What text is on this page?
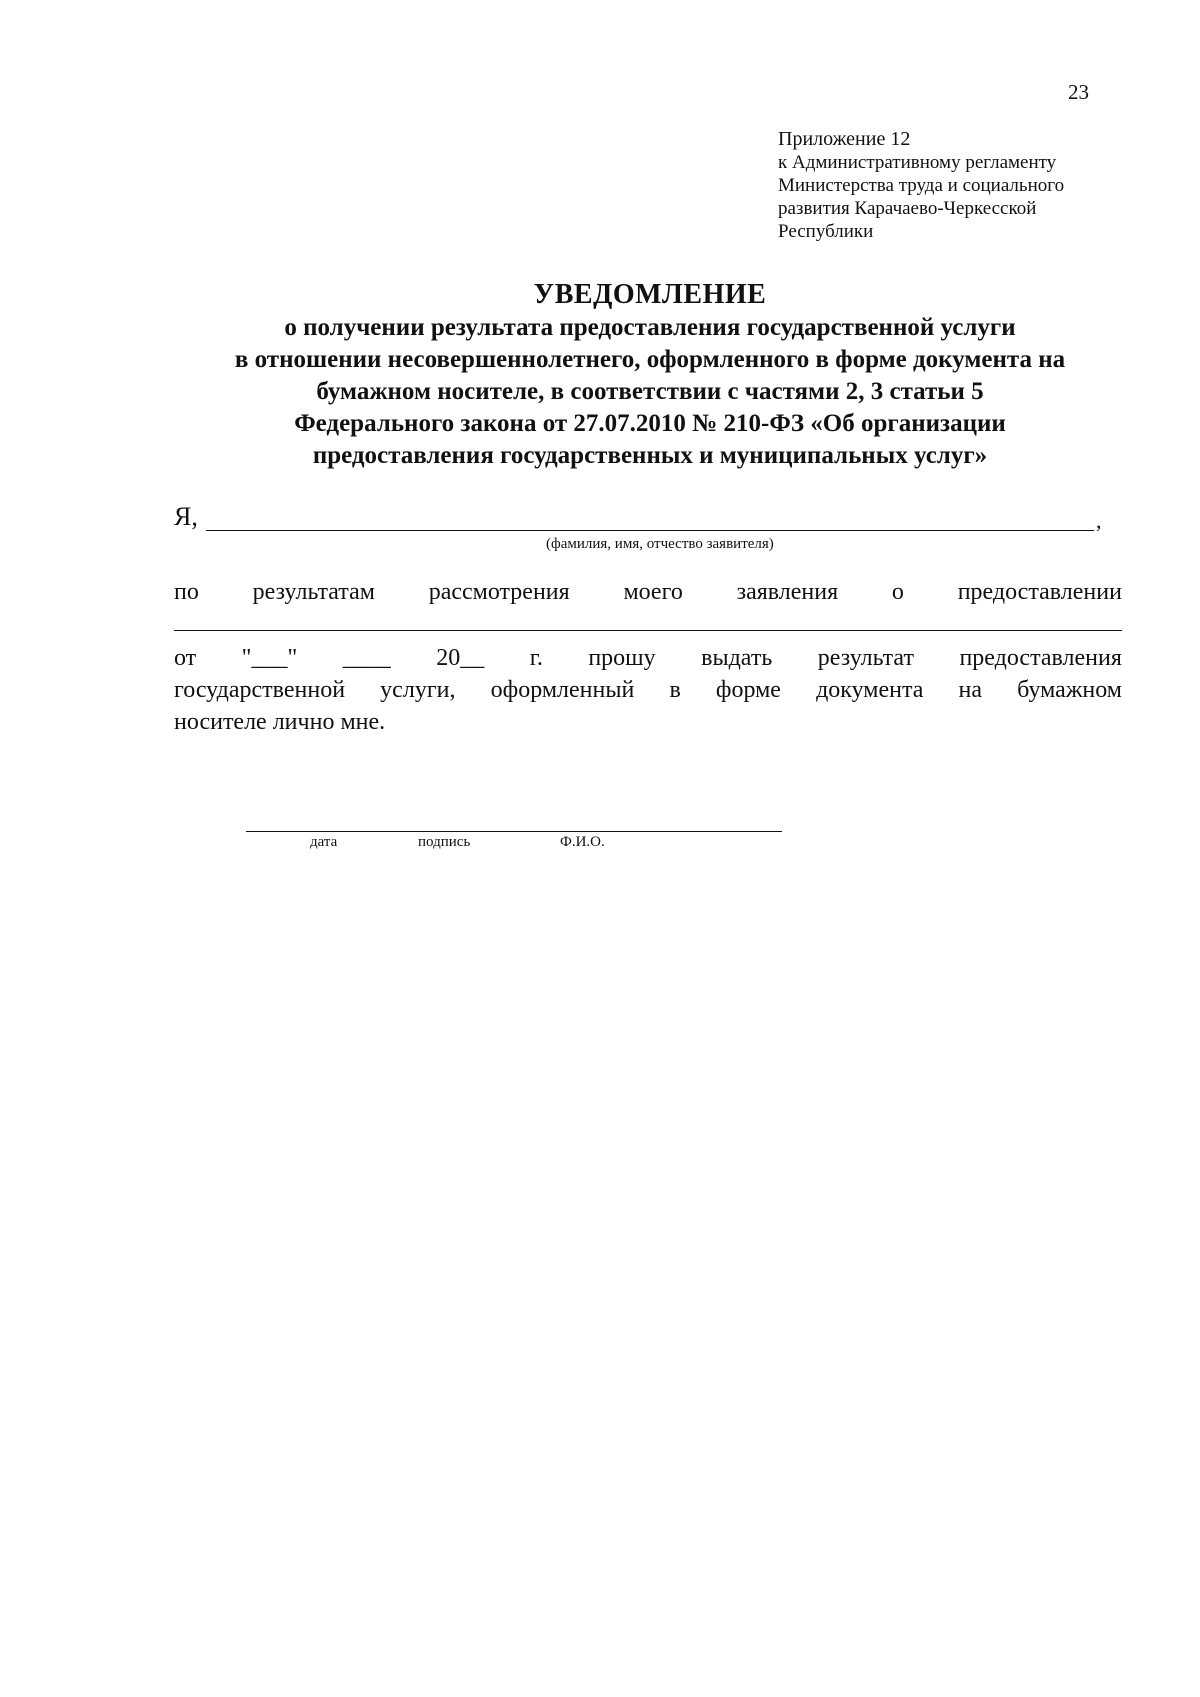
23
Приложение 12
к Административному регламенту
Министерства труда и социального
развития Карачаево-Черкесской
Республики
УВЕДОМЛЕНИЕ
о получении результата предоставления государственной услуги
в отношении несовершеннолетнего, оформленного в форме документа на
бумажном носителе, в соответствии с частями 2, 3 статьи 5
Федерального закона от 27.07.2010 № 210-ФЗ «Об организации
предоставления государственных и муниципальных услуг»
Я,	,
(фамилия, имя, отчество заявителя)
по результатам рассмотрения моего заявления о предоставлении
от "___" ____ 20__ г. прошу выдать результат предоставления
государственной услуги, оформленный в форме документа на бумажном
носителе лично мне.
дата	подпись	Ф.И.О.
